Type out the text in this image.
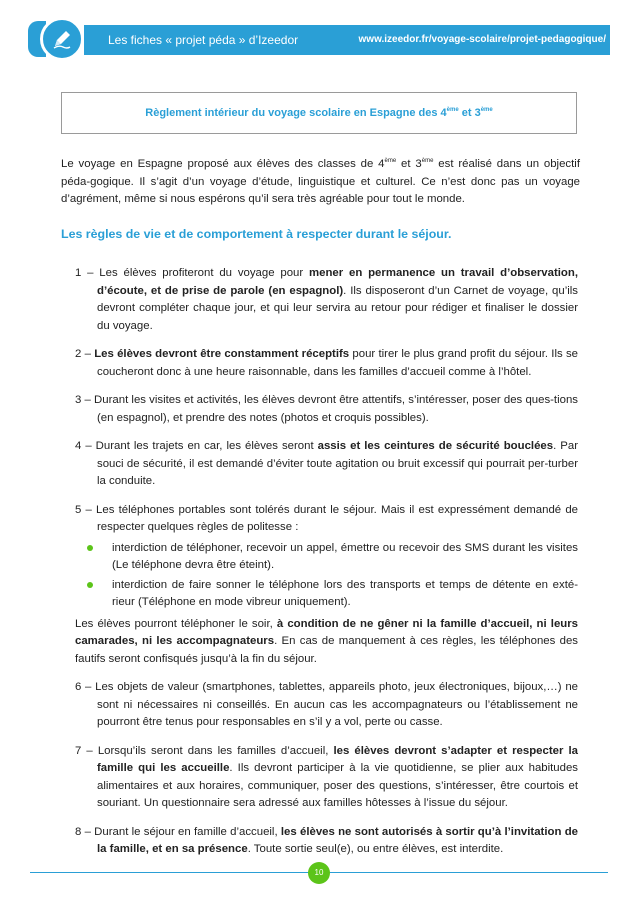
Les fiches « projet péda » d’Izeedor	www.izeedor.fr/voyage-scolaire/projet-pedagogique/
Règlement intérieur du voyage scolaire en Espagne des 4ème et 3ème

Le voyage en Espagne proposé aux élèves des classes de 4ème et 3ème est réalisé dans un objectif péda-gogique. Il s’agit d’un voyage d’étude, linguistique et culturel. Ce n’est donc pas un voyage d’agrément, même si nous espérons qu’il sera très agréable pour tout le monde.

Les règles de vie et de comportement à respecter durant le séjour.

1 – Les élèves profiteront du voyage pour mener en permanence un travail d’observation, d’écoute, et de prise de parole (en espagnol). Ils disposeront d’un Carnet de voyage, qu’ils devront compléter chaque jour, et qui leur servira au retour pour rédiger et finaliser le dossier du voyage.

2 – Les élèves devront être constamment réceptifs pour tirer le plus grand profit du séjour. Ils se coucheront donc à une heure raisonnable, dans les familles d’accueil comme à l’hôtel.

3 – Durant les visites et activités, les élèves devront être attentifs, s’intéresser, poser des ques-tions (en espagnol), et prendre des notes (photos et croquis possibles).

4 – Durant les trajets en car, les élèves seront assis et les ceintures de sécurité bouclées. Par souci de sécurité, il est demandé d’éviter toute agitation ou bruit excessif qui pourrait per-turber la conduite.

5 – Les téléphones portables sont tolérés durant le séjour. Mais il est expressément demandé de respecter quelques règles de politesse :

interdiction de téléphoner, recevoir un appel, émettre ou recevoir des SMS durant les visites (Le téléphone devra être éteint).

interdiction de faire sonner le téléphone lors des transports et temps de détente en exté-rieur (Téléphone en mode vibreur uniquement).

Les élèves pourront téléphoner le soir, à condition de ne gêner ni la famille d’accueil, ni leurs camarades, ni les accompagnateurs. En cas de manquement à ces règles, les téléphones des fautifs seront confisqués jusqu’à la fin du séjour.

6 – Les objets de valeur (smartphones, tablettes, appareils photo, jeux électroniques, bijoux,…) ne sont ni nécessaires ni conseillés. En aucun cas les accompagnateurs ou l’établissement ne pourront être tenus pour responsables en s’il y a vol, perte ou casse.

7 – Lorsqu’ils seront dans les familles d’accueil, les élèves devront s’adapter et respecter la famille qui les accueille. Ils devront participer à la vie quotidienne, se plier aux habitudes alimentaires et aux horaires, communiquer, poser des questions, s’intéresser, être courtois et souriant. Un questionnaire sera adressé aux familles hôtesses à l’issue du séjour.

8 – Durant le séjour en famille d’accueil, les élèves ne sont autorisés à sortir qu’à l’invitation de la famille, et en sa présence. Toute sortie seul(e), ou entre élèves, est interdite.

10
